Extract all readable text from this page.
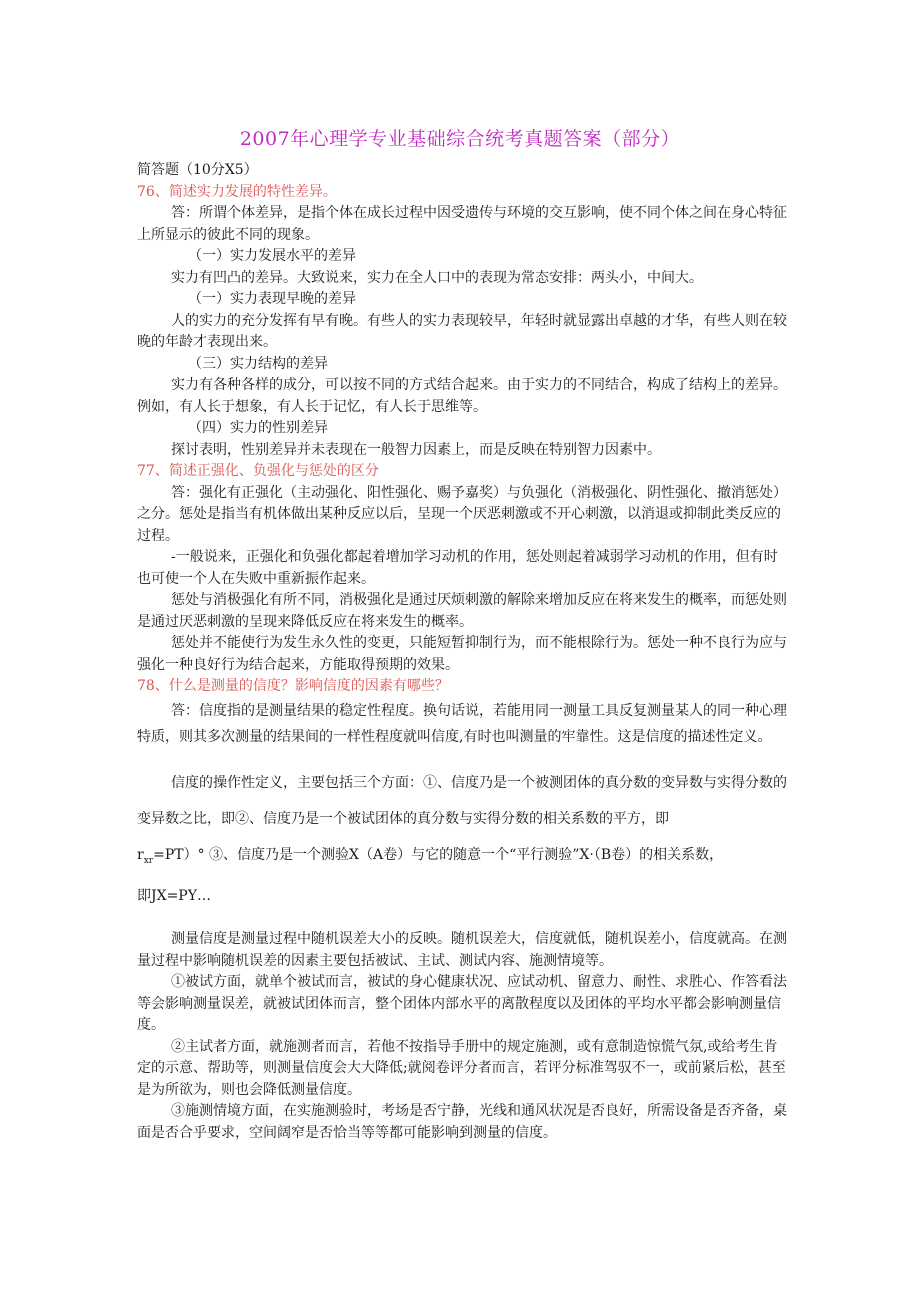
2007年心理学专业基础综合统考真题答案（部分）

简答题（10分X5）

76、简述实力发展的特性差异。

答：所谓个体差异，是指个体在成长过程中因受遗传与环境的交互影响，使不同个体之间在身心特征上所显示的彼此不同的现象。

（一）实力发展水平的差异

实力有凹凸的差异。大致说来，实力在全人口中的表现为常态安排：两头小，中间大。

（一）实力表现早晚的差异

人的实力的充分发挥有早有晚。有些人的实力表现较早，年轻时就显露出卓越的才华，有些人则在较晚的年龄才表现出来。

（三）实力结构的差异

实力有各种各样的成分，可以按不同的方式结合起来。由于实力的不同结合，构成了结构上的差异。例如，有人长于想象，有人长于记忆，有人长于思维等。

（四）实力的性别差异

探讨表明，性别差异并未表现在一般智力因素上，而是反映在特别智力因素中。

77、简述正强化、负强化与惩处的区分

答：强化有正强化（主动强化、阳性强化、赐予嘉奖）与负强化（消极强化、阴性强化、撤消惩处）之分。惩处是指当有机体做出某种反应以后，呈现一个厌恶刺激或不开心刺激，以消退或抑制此类反应的过程。

-一般说来，正强化和负强化都起着增加学习动机的作用，惩处则起着减弱学习动机的作用，但有时也可使一个人在失败中重新振作起来。

惩处与消极强化有所不同，消极强化是通过厌烦刺激的解除来增加反应在将来发生的概率，而惩处则是通过厌恶刺激的呈现来降低反应在将来发生的概率。

惩处并不能使行为发生永久性的变更，只能短暂抑制行为，而不能根除行为。惩处一种不良行为应与强化一种良好行为结合起来，方能取得预期的效果。

78、什么是测量的信度？影响信度的因素有哪些？

答：信度指的是测量结果的稳定性程度。换句话说，若能用同一测量工具反复测量某人的同一种心理特质，则其多次测量的结果间的一样性程度就叫信度,有时也叫测量的牢靠性。这是信度的描述性定义。

信度的操作性定义，主要包括三个方面：①、信度乃是一个被测团体的真分数的变异数与实得分数的变异数之比，即②、信度乃是一个被试团体的真分数与实得分数的相关系数的平方，即

$r_{xr}=PT)^\circ$ ③、信度乃是一个测验X（A卷）与它的随意一个“平行测验”X·（B卷）的相关系数，

即JX=PY…

测量信度是测量过程中随机误差大小的反映。随机误差大，信度就低，随机误差小，信度就高。在测量过程中影响随机误差的因素主要包括被试、主试、测试内容、施测情境等。

①被试方面，就单个被试而言，被试的身心健康状况、应试动机、留意力、耐性、求胜心、作答看法等会影响测量误差，就被试团体而言，整个团体内部水平的离散程度以及团体的平均水平都会影响测量信度。

②主试者方面，就施测者而言，若他不按指导手册中的规定施测，或有意制造惊慌气氛,或给考生肯定的示意、帮助等，则测量信度会大大降低;就阅卷评分者而言，若评分标准驾驭不一，或前紧后松，甚至是为所欲为，则也会降低测量信度。

③施测情境方面，在实施测验时，考场是否宁静，光线和通风状况是否良好，所需设备是否齐备，桌面是否合乎要求，空间阔窄是否恰当等等都可能影响到测量的信度。
